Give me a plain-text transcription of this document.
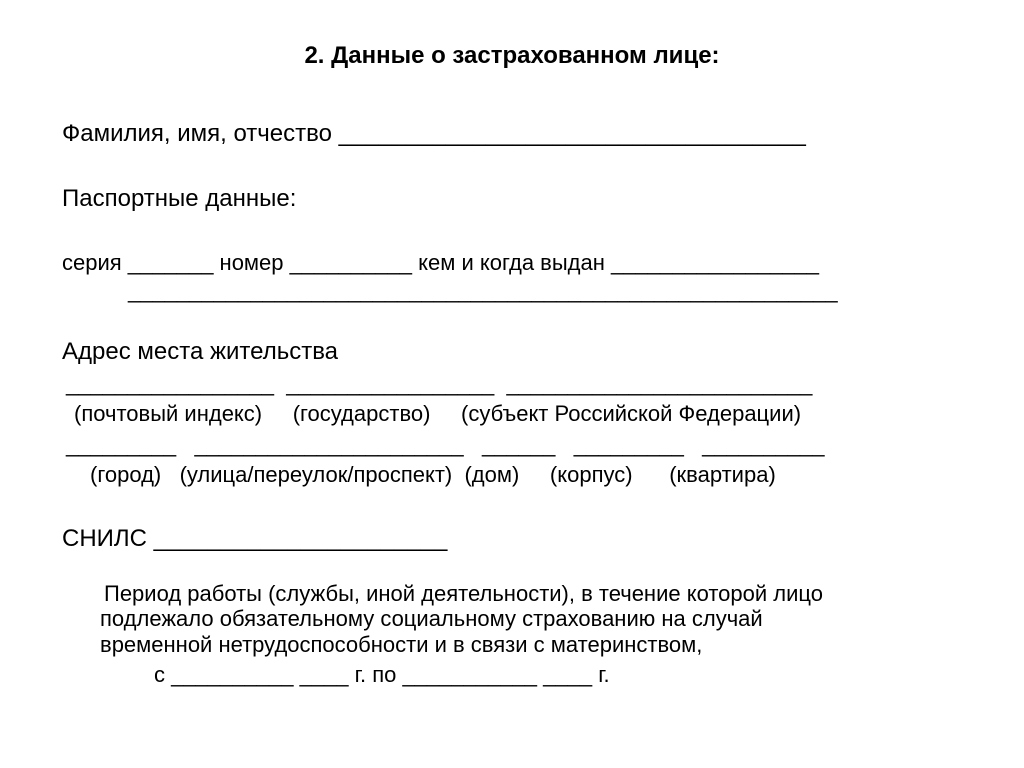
2. Данные о застрахованном лице:
Фамилия, имя, отчество ___________________________________
Паспортные данные:
серия _______ номер __________ кем и когда выдан _________________
__________________________________________________________
Адрес места жительства
_________________  _________________  _________________________
(почтовый индекс)     (государство)     (субъект Российской Федерации)
_________   ______________________   ______   _________   __________
(город)   (улица/переулок/проспект)  (дом)     (корпус)      (квартира)
СНИЛС ______________________
Период работы (службы, иной деятельности), в течение которой лицо
подлежало обязательному социальному страхованию на случай
временной нетрудоспособности и в связи с материнством,
с __________ ____ г. по ___________ ____ г.
